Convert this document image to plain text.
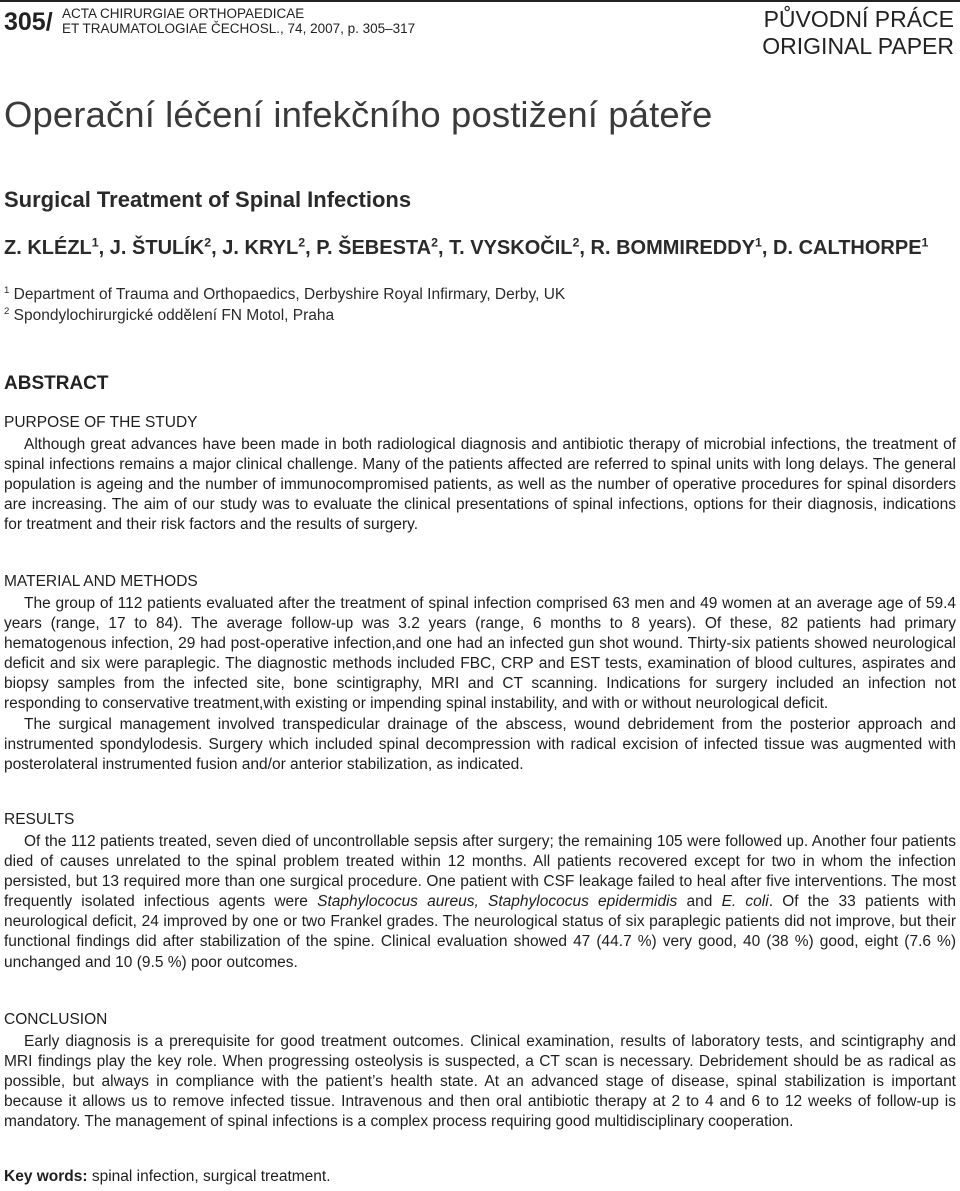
305/ ACTA CHIRURGIAE ORTHOPAEDICAE
ET TRAUMATOLOGIAE ČECHOSL., 74, 2007, p. 305–317	PŮVODNÍ PRÁCE
ORIGINAL PAPER
Operační léčení infekčního postižení páteře
Surgical Treatment of Spinal Infections
Z. KLÉZL$^1$, J. ŠTULÍK$^2$, J. KRYL$^2$, P. ŠEBESTA$^2$, T. VYSKOČIL$^2$, R. BOMMIREDDY$^1$, D. CALTHORPE$^1$
$^1$ Department of Trauma and Orthopaedics, Derbyshire Royal Infirmary, Derby, UK
$^2$ Spondylochirurgické oddělení FN Motol, Praha
ABSTRACT
PURPOSE OF THE STUDY

Although great advances have been made in both radiological diagnosis and antibiotic therapy of microbial infections, the treatment of spinal infections remains a major clinical challenge. Many of the patients affected are referred to spinal units with long delays. The general population is ageing and the number of immunocompromised patients, as well as the number of operative procedures for spinal disorders are increasing. The aim of our study was to evaluate the clinical presentations of spinal infections, options for their diagnosis, indications for treatment and their risk factors and the results of surgery.

MATERIAL AND METHODS

The group of 112 patients evaluated after the treatment of spinal infection comprised 63 men and 49 women at an average age of 59.4 years (range, 17 to 84). The average follow-up was 3.2 years (range, 6 months to 8 years). Of these, 82 patients had primary hematogenous infection, 29 had post-operative infection,and one had an infected gun shot wound. Thirty-six patients showed neurological deficit and six were paraplegic. The diagnostic methods included FBC, CRP and EST tests, examination of blood cultures, aspirates and biopsy samples from the infected site, bone scintigraphy, MRI and CT scanning. Indications for surgery included an infection not responding to conservative treatment,with existing or impending spinal instability, and with or without neurological deficit.

The surgical management involved transpedicular drainage of the abscess, wound debridement from the posterior approach and instrumented spondylodesis. Surgery which included spinal decompression with radical excision of infected tissue was augmented with posterolateral instrumented fusion and/or anterior stabilization, as indicated.

RESULTS

Of the 112 patients treated, seven died of uncontrollable sepsis after surgery; the remaining 105 were followed up. Another four patients died of causes unrelated to the spinal problem treated within 12 months. All patients recovered except for two in whom the infection persisted, but 13 required more than one surgical procedure. One patient with CSF leakage failed to heal after five interventions. The most frequently isolated infectious agents were Staphylococus aureus, Staphylococus epidermidis and E. coli. Of the 33 patients with neurological deficit, 24 improved by one or two Frankel grades. The neurological status of six paraplegic patients did not improve, but their functional findings did after stabilization of the spine. Clinical evaluation showed 47 (44.7 %) very good, 40 (38 %) good, eight (7.6 %) unchanged and 10 (9.5 %) poor outcomes.

CONCLUSION

Early diagnosis is a prerequisite for good treatment outcomes. Clinical examination, results of laboratory tests, and scintigraphy and MRI findings play the key role. When progressing osteolysis is suspected, a CT scan is necessary. Debridement should be as radical as possible, but always in compliance with the patient’s health state. At an advanced stage of disease, spinal stabilization is important because it allows us to remove infected tissue. Intravenous and then oral antibiotic therapy at 2 to 4 and 6 to 12 weeks of follow-up is mandatory. The management of spinal infections is a complex process requiring good multidisciplinary cooperation.

Key words: spinal infection, surgical treatment.
